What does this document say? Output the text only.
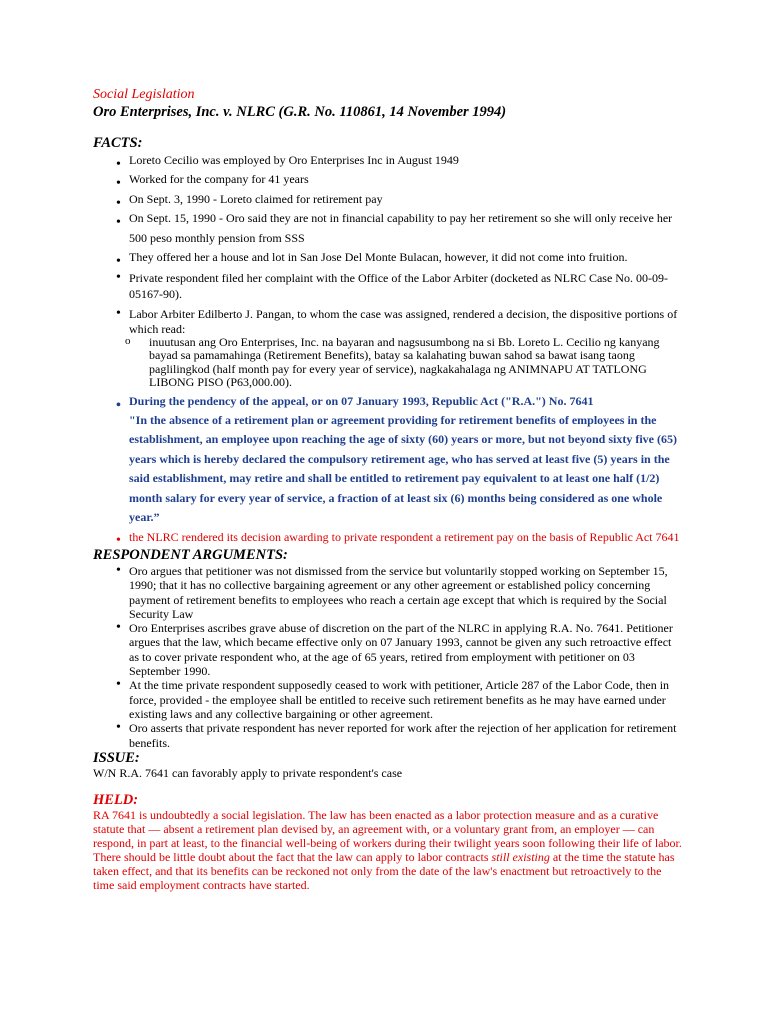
Social Legislation

Oro Enterprises, Inc. v. NLRC (G.R. No. 110861, 14 November 1994)

FACTS:

• Loreto Cecilio was employed by Oro Enterprises Inc in August 1949
• Worked for the company for 41 years
• On Sept. 3, 1990 - Loreto claimed for retirement pay
• On Sept. 15, 1990 - Oro said they are not in financial capability to pay her retirement so she will only receive her 500 peso monthly pension from SSS
• They offered her a house and lot in San Jose Del Monte Bulacan, however, it did not come into fruition.
• Private respondent filed her complaint with the Office of the Labor Arbiter (docketed as NLRC Case No. 00-09-05167-90).
• Labor Arbiter Edilberto J. Pangan, to whom the case was assigned, rendered a decision, the dispositive portions of which read:
o inuutusan ang Oro Enterprises, Inc. na bayaran and nagsusumbong na si Bb. Loreto L. Cecilio ng kanyang bayad sa pamamahinga (Retirement Benefits), batay sa kalahating buwan sahod sa bawat isang taong paglilingkod (half month pay for every year of service), nagkakahalaga ng ANIMNAPU AT TATLONG LIBONG PISO (P63,000.00).
• During the pendency of the appeal, or on 07 January 1993, Republic Act ("R.A.") No. 7641
"In the absence of a retirement plan or agreement providing for retirement benefits of employees in the establishment, an employee upon reaching the age of sixty (60) years or more, but not beyond sixty five (65) years which is hereby declared the compulsory retirement age, who has served at least five (5) years in the said establishment, may retire and shall be entitled to retirement pay equivalent to at least one half (1/2) month salary for every year of service, a fraction of at least six (6) months being considered as one whole year.”
• the NLRC rendered its decision awarding to private respondent a retirement pay on the basis of Republic Act 7641

RESPONDENT ARGUMENTS:

• Oro argues that petitioner was not dismissed from the service but voluntarily stopped working on September 15, 1990; that it has no collective bargaining agreement or any other agreement or established policy concerning payment of retirement benefits to employees who reach a certain age except that which is required by the Social Security Law
• Oro Enterprises ascribes grave abuse of discretion on the part of the NLRC in applying R.A. No. 7641. Petitioner argues that the law, which became effective only on 07 January 1993, cannot be given any such retroactive effect as to cover private respondent who, at the age of 65 years, retired from employment with petitioner on 03 September 1990.
• At the time private respondent supposedly ceased to work with petitioner, Article 287 of the Labor Code, then in force, provided - the employee shall be entitled to receive such retirement benefits as he may have earned under existing laws and any collective bargaining or other agreement.
• Oro asserts that private respondent has never reported for work after the rejection of her application for retirement benefits.

ISSUE:

W/N R.A. 7641 can favorably apply to private respondent's case

HELD:

RA 7641 is undoubtedly a social legislation. The law has been enacted as a labor protection measure and as a curative statute that — absent a retirement plan devised by, an agreement with, or a voluntary grant from, an employer — can respond, in part at least, to the financial well-being of workers during their twilight years soon following their life of labor. There should be little doubt about the fact that the law can apply to labor contracts still existing at the time the statute has taken effect, and that its benefits can be reckoned not only from the date of the law's enactment but retroactively to the time said employment contracts have started.
